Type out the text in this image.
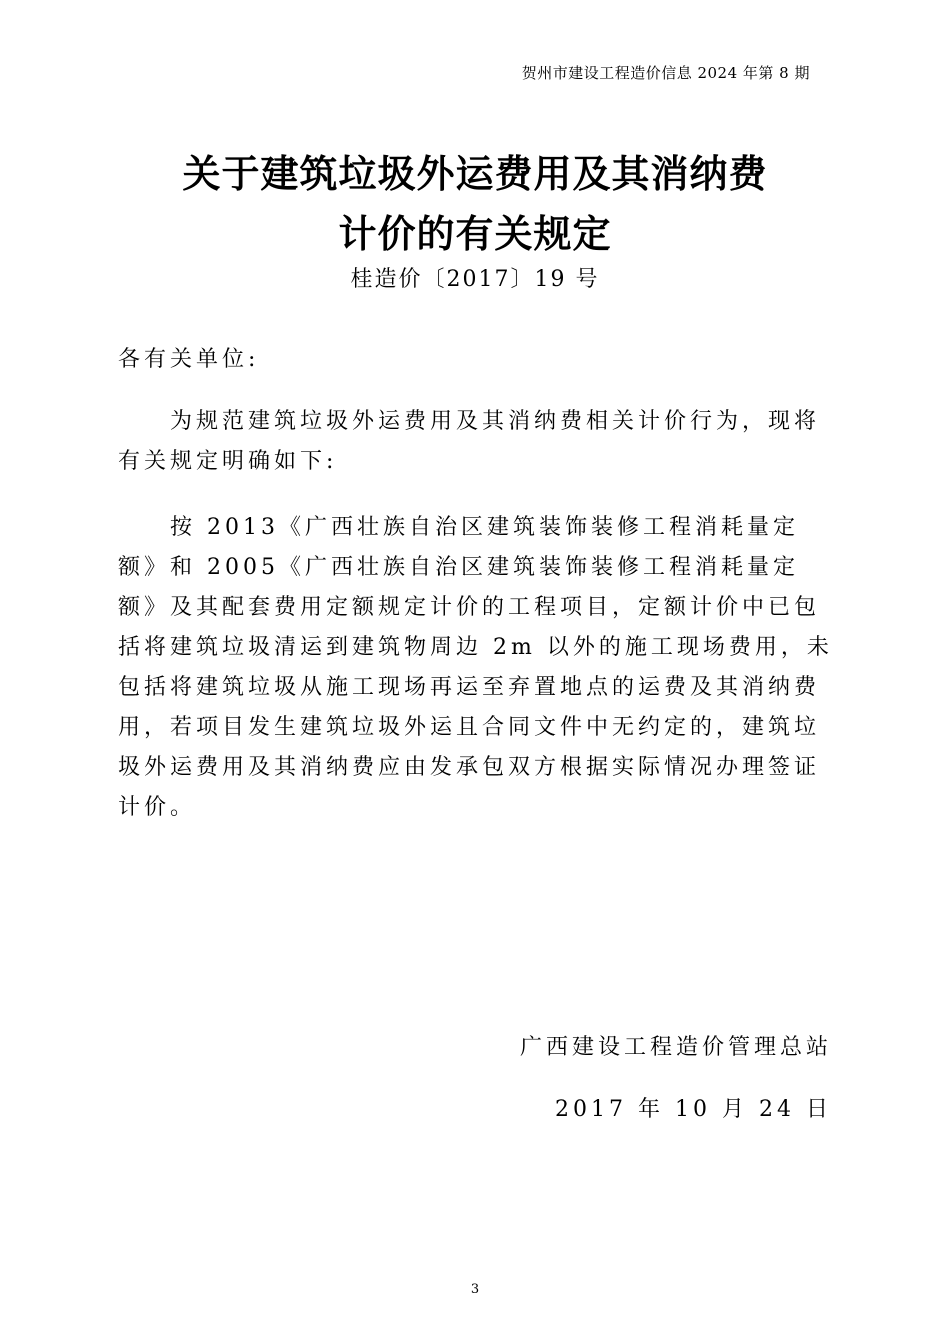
贺州市建设工程造价信息 2024 年第 8 期
关于建筑垃圾外运费用及其消纳费
计价的有关规定
桂造价〔2017〕19 号
各有关单位:
为规范建筑垃圾外运费用及其消纳费相关计价行为，现将有关规定明确如下:
按 2013《广西壮族自治区建筑装饰装修工程消耗量定额》和 2005《广西壮族自治区建筑装饰装修工程消耗量定额》及其配套费用定额规定计价的工程项目，定额计价中已包括将建筑垃圾清运到建筑物周边 2m 以外的施工现场费用，未包括将建筑垃圾从施工现场再运至弃置地点的运费及其消纳费用，若项目发生建筑垃圾外运且合同文件中无约定的，建筑垃圾外运费用及其消纳费应由发承包双方根据实际情况办理签证计价。
广西建设工程造价管理总站
2017 年 10 月 24 日
3
